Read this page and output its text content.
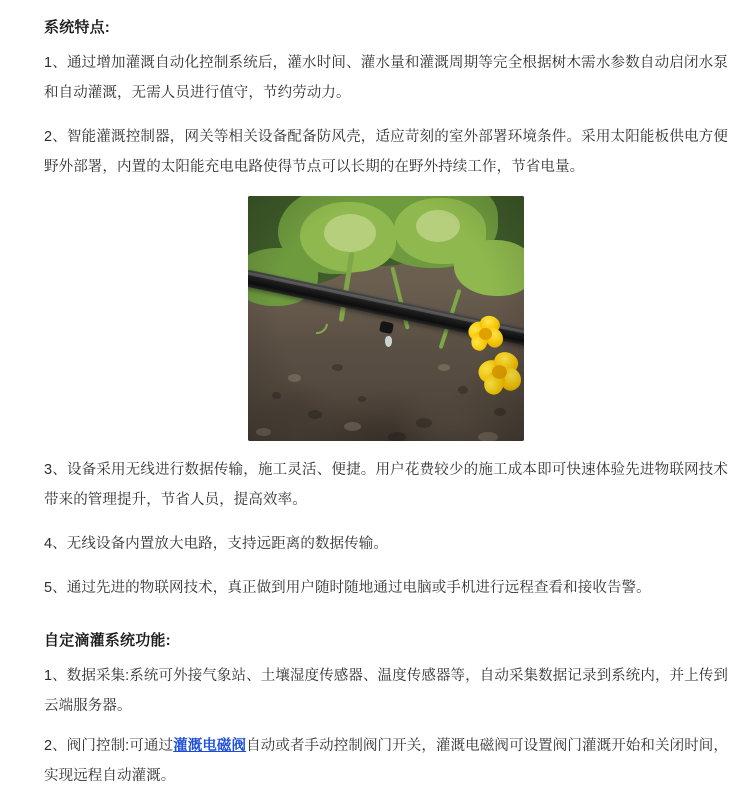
系统特点:

1、通过增加灌溉自动化控制系统后，灌水时间、灌水量和灌溉周期等完全根据树木需水参数自动启闭水泵和自动灌溉，无需人员进行值守，节约劳动力。

2、智能灌溉控制器，网关等相关设备配备防风壳，适应苛刻的室外部署环境条件。采用太阳能板供电方便野外部署，内置的太阳能充电电路使得节点可以长期的在野外持续工作，节省电量。

3、设备采用无线进行数据传输，施工灵活、便捷。用户花费较少的施工成本即可快速体验先进物联网技术带来的管理提升，节省人员，提高效率。

4、无线设备内置放大电路，支持远距离的数据传输。

5、通过先进的物联网技术，真正做到用户随时随地通过电脑或手机进行远程查看和接收告警。

自定滴灌系统功能:

1、数据采集:系统可外接气象站、土壤湿度传感器、温度传感器等，自动采集数据记录到系统内，并上传到云端服务器。

2、阀门控制:可通过灌溉电磁阀自动或者手动控制阀门开关，灌溉电磁阀可设置阀门灌溉开始和关闭时间，实现远程自动灌溉。
